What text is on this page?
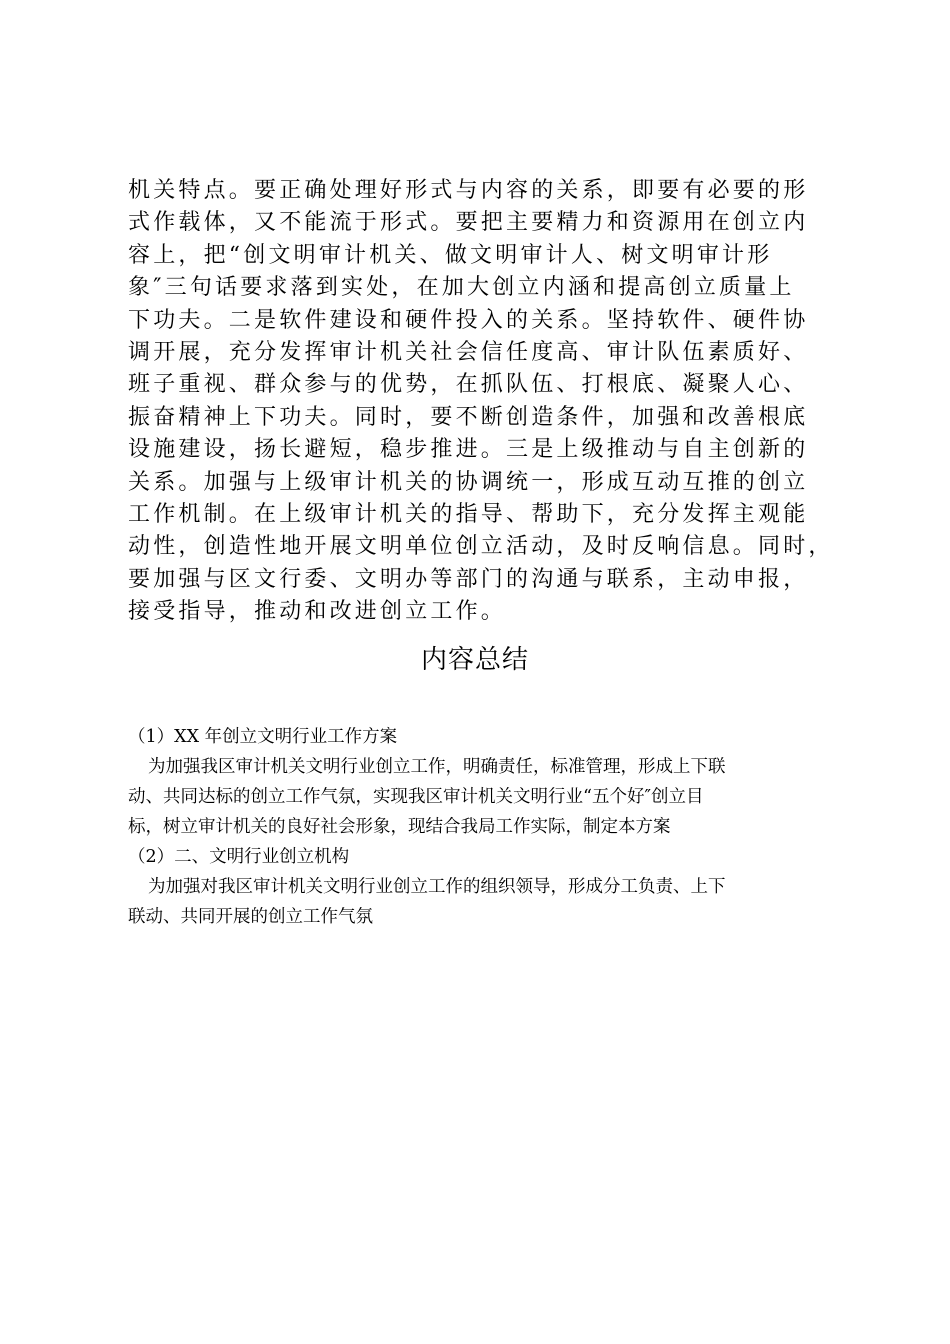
机关特点。要正确处理好形式与内容的关系，即要有必要的形
式作载体，又不能流于形式。要把主要精力和资源用在创立内
容上，把“创文明审计机关、做文明审计人、树文明审计形
象″三句话要求落到实处，在加大创立内涵和提高创立质量上
下功夫。二是软件建设和硬件投入的关系。坚持软件、硬件协
调开展，充分发挥审计机关社会信任度高、审计队伍素质好、
班子重视、群众参与的优势，在抓队伍、打根底、凝聚人心、
振奋精神上下功夫。同时，要不断创造条件，加强和改善根底
设施建设，扬长避短，稳步推进。三是上级推动与自主创新的
关系。加强与上级审计机关的协调统一，形成互动互推的创立
工作机制。在上级审计机关的指导、帮助下，充分发挥主观能
动性，创造性地开展文明单位创立活动，及时反响信息。同时，
要加强与区文行委、文明办等部门的沟通与联系，主动申报，
接受指导，推动和改进创立工作。
内容总结
（1）XX 年创立文明行业工作方案
为加强我区审计机关文明行业创立工作，明确责任，标准管理，形成上下联
动、共同达标的创立工作气氛，实现我区审计机关文明行业“五个好″创立目
标，树立审计机关的良好社会形象，现结合我局工作实际，制定本方案
（2）二、文明行业创立机构
为加强对我区审计机关文明行业创立工作的组织领导，形成分工负责、上下
联动、共同开展的创立工作气氛
